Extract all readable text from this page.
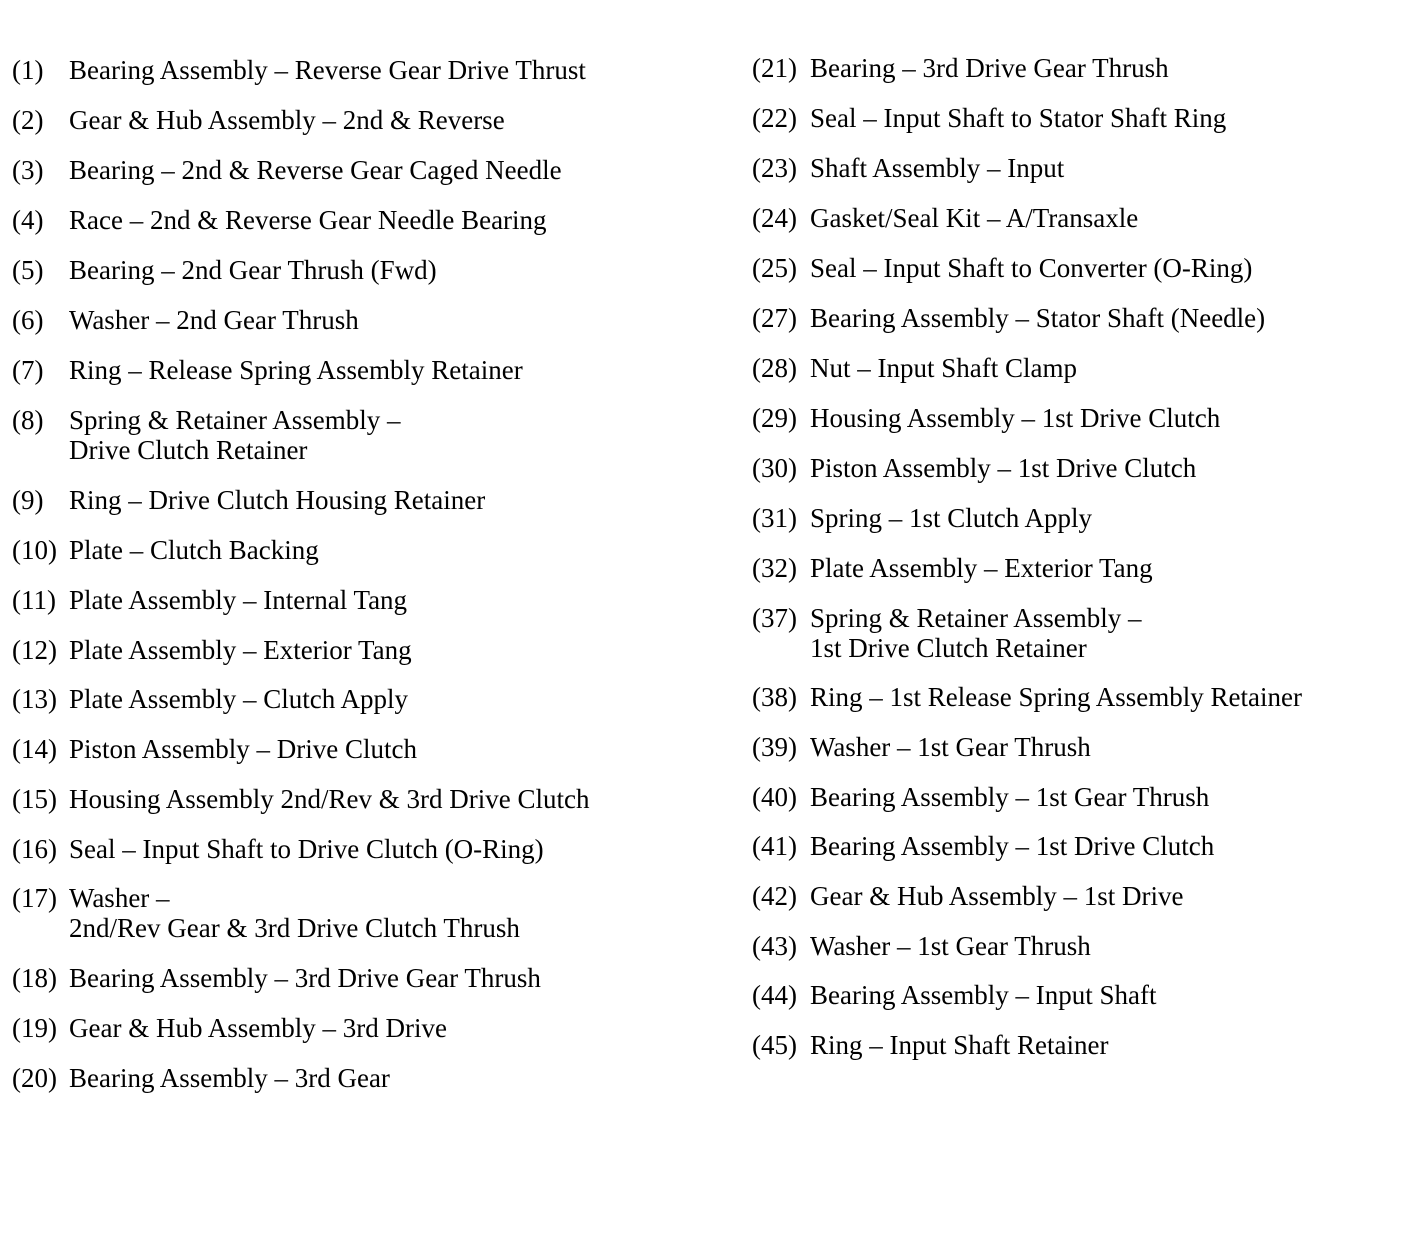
(1) Bearing Assembly – Reverse Gear Drive Thrust
(2) Gear & Hub Assembly – 2nd & Reverse
(3) Bearing – 2nd & Reverse Gear Caged Needle
(4) Race – 2nd & Reverse Gear Needle Bearing
(5) Bearing – 2nd Gear Thrush (Fwd)
(6) Washer – 2nd Gear Thrush
(7) Ring – Release Spring Assembly Retainer
(8) Spring & Retainer Assembly –
Drive Clutch Retainer
(9) Ring – Drive Clutch Housing Retainer
(10) Plate – Clutch Backing
(11) Plate Assembly – Internal Tang
(12) Plate Assembly – Exterior Tang
(13) Plate Assembly – Clutch Apply
(14) Piston Assembly – Drive Clutch
(15) Housing Assembly 2nd/Rev & 3rd Drive Clutch
(16) Seal – Input Shaft to Drive Clutch (O-Ring)
(17) Washer –
2nd/Rev Gear & 3rd Drive Clutch Thrush
(18) Bearing Assembly – 3rd Drive Gear Thrush
(19) Gear & Hub Assembly – 3rd Drive
(20) Bearing Assembly – 3rd Gear
(21) Bearing – 3rd Drive Gear Thrush
(22) Seal – Input Shaft to Stator Shaft Ring
(23) Shaft Assembly – Input
(24) Gasket/Seal Kit – A/Transaxle
(25) Seal – Input Shaft to Converter (O-Ring)
(27) Bearing Assembly – Stator Shaft (Needle)
(28) Nut – Input Shaft Clamp
(29) Housing Assembly – 1st Drive Clutch
(30) Piston Assembly – 1st Drive Clutch
(31) Spring – 1st Clutch Apply
(32) Plate Assembly – Exterior Tang
(37) Spring & Retainer Assembly –
1st Drive Clutch Retainer
(38) Ring – 1st Release Spring Assembly Retainer
(39) Washer – 1st Gear Thrush
(40) Bearing Assembly – 1st Gear Thrush
(41) Bearing Assembly – 1st Drive Clutch
(42) Gear & Hub Assembly – 1st Drive
(43) Washer – 1st Gear Thrush
(44) Bearing Assembly – Input Shaft
(45) Ring – Input Shaft Retainer
